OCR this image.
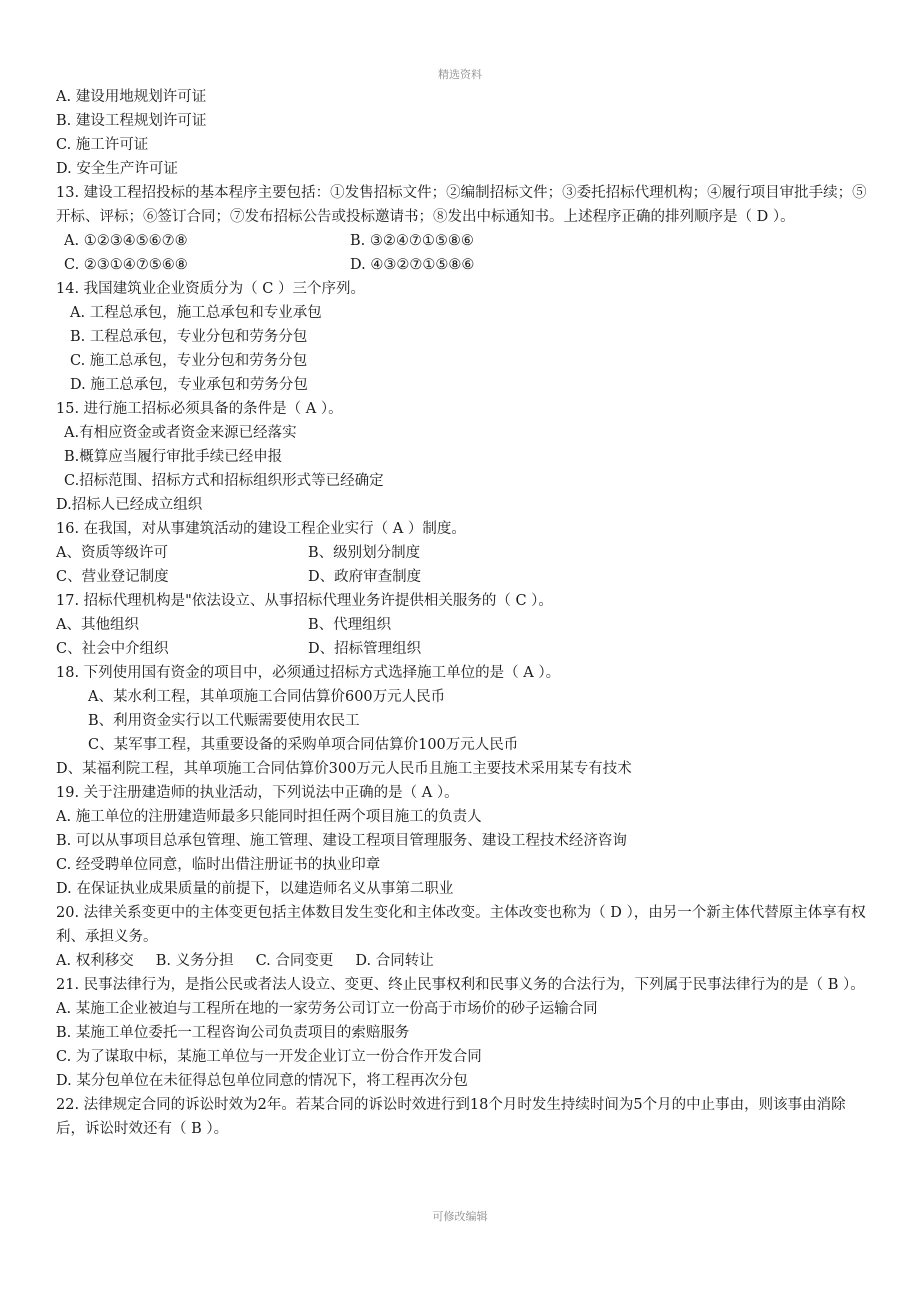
精选资料
A. 建设用地规划许可证
B. 建设工程规划许可证
C. 施工许可证
D. 安全生产许可证
13. 建设工程招投标的基本程序主要包括：①发售招标文件；②编制招标文件；③委托招标代理机构；④履行项目审批手续；⑤开标、评标；⑥签订合同；⑦发布招标公告或投标邀请书；⑧发出中标通知书。上述程序正确的排列顺序是（ D ）。
A. ①②③④⑤⑥⑦⑧	B. ③②④⑦①⑤⑧⑥
C. ②③①④⑦⑤⑥⑧	D. ④③②⑦①⑤⑧⑥
14. 我国建筑业企业资质分为（ C ）三个序列。
A. 工程总承包，施工总承包和专业承包
B. 工程总承包，专业分包和劳务分包
C. 施工总承包，专业分包和劳务分包
D. 施工总承包，专业承包和劳务分包
15. 进行施工招标必须具备的条件是（ A ）。
A.有相应资金或者资金来源已经落实
B.概算应当履行审批手续已经申报
C.招标范围、招标方式和招标组织形式等已经确定
D.招标人已经成立组织
16. 在我国，对从事建筑活动的建设工程企业实行（ A ）制度。
A、资质等级许可	B、级别划分制度
C、营业登记制度	D、政府审查制度
17. 招标代理机构是"依法设立、从事招标代理业务许提供相关服务的（ C ）。
A、其他组织	B、代理组织
C、社会中介组织	D、招标管理组织
18. 下列使用国有资金的项目中，必须通过招标方式选择施工单位的是（ A ）。
A、某水利工程，其单项施工合同估算价600万元人民币
B、利用资金实行以工代赈需要使用农民工
C、某军事工程，其重要设备的采购单项合同估算价100万元人民币
D、某福利院工程，其单项施工合同估算价300万元人民币且施工主要技术采用某专有技术
19. 关于注册建造师的执业活动，下列说法中正确的是（ A ）。
A. 施工单位的注册建造师最多只能同时担任两个项目施工的负责人
B. 可以从事项目总承包管理、施工管理、建设工程项目管理服务、建设工程技术经济咨询
C. 经受聘单位同意，临时出借注册证书的执业印章
D. 在保证执业成果质量的前提下，以建造师名义从事第二职业
20. 法律关系变更中的主体变更包括主体数目发生变化和主体改变。主体改变也称为（ D ），由另一个新主体代替原主体享有权利、承担义务。
A. 权利移交 B. 义务分担 C. 合同变更 D. 合同转让
21. 民事法律行为，是指公民或者法人设立、变更、终止民事权利和民事义务的合法行为，下列属于民事法律行为的是（ B ）。
A. 某施工企业被迫与工程所在地的一家劳务公司订立一份高于市场价的砂子运输合同
B. 某施工单位委托一工程咨询公司负责项目的索赔服务
C. 为了谋取中标，某施工单位与一开发企业订立一份合作开发合同
D. 某分包单位在未征得总包单位同意的情况下，将工程再次分包
22. 法律规定合同的诉讼时效为2年。若某合同的诉讼时效进行到18个月时发生持续时间为5个月的中止事由，则该事由消除后，诉讼时效还有（ B ）。
可修改编辑
